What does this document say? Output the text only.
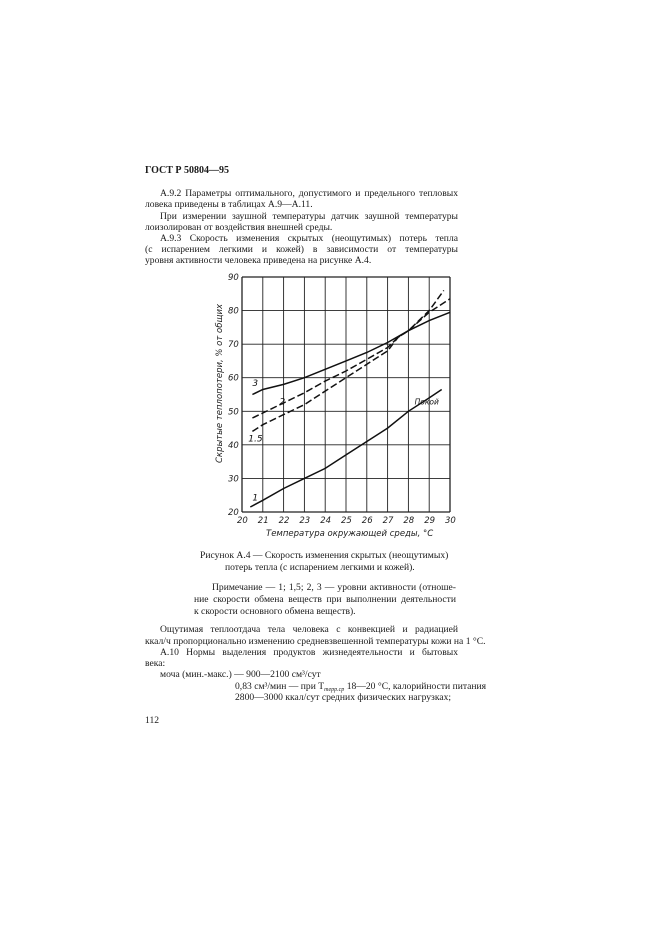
ГОСТ Р 50804—95
А.9.2 Параметры оптимального, допустимого и предельного тепловых
ловека приведены в таблицах А.9—А.11.
При измерении заушной температуры датчик заушной температуры
лоизолирован от воздействия внешней среды.
А.9.3 Скорость изменения скрытых (неощутимых) потерь тепла
(с испарением легкими и кожей) в зависимости от температуры
уровня активности человека приведена на рисунке А.4.
20 21 22 23 24 25 26 27 28 29 30
20
30
40
50
60
70
80
90
1
1.5
2
3
Покой
Скрытые теплопотери, % от общих
Температура окружающей среды, °С
Рисунок А.4 — Скорость изменения скрытых (неощутимых)
потерь тепла (с испарением легкими и кожей).
Примечание — 1; 1,5; 2, 3 — уровни активности (отноше-
ние скорости обмена веществ при выполнении деятельности
к скорости основного обмена веществ).
Ощутимая теплоотдача тела человека с конвекцией и радиацией
ккал/ч пропорционально изменению средневзвешенной температуры кожи на 1 °С.
А.10 Нормы выделения продуктов жизнедеятельности и бытовых
века:
моча (мин.-макс.) — 900—2100 см³/сут
0,83 см³/мин — при $T_{терр.ср}$ 18—20 °С, калорийности питания
2800—3000 ккал/сут средних физических нагрузках;
112
